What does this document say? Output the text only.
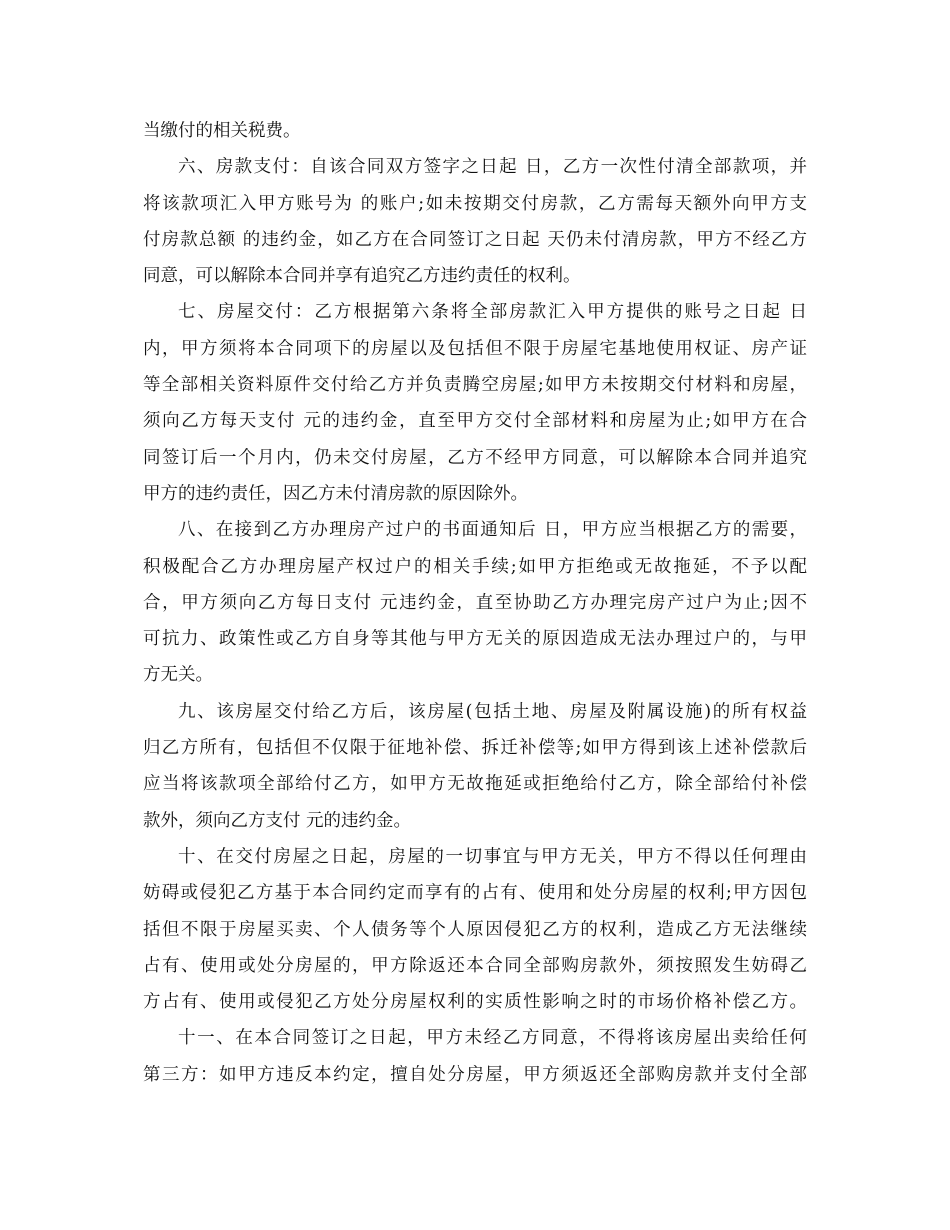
当缴付的相关税费。
六、房款支付：自该合同双方签字之日起 日，乙方一次性付清全部款项，并
将该款项汇入甲方账号为 的账户;如未按期交付房款，乙方需每天额外向甲方支
付房款总额 的违约金，如乙方在合同签订之日起 天仍未付清房款，甲方不经乙方
同意，可以解除本合同并享有追究乙方违约责任的权利。
七、房屋交付：乙方根据第六条将全部房款汇入甲方提供的账号之日起 日
内，甲方须将本合同项下的房屋以及包括但不限于房屋宅基地使用权证、房产证
等全部相关资料原件交付给乙方并负责腾空房屋;如甲方未按期交付材料和房屋，
须向乙方每天支付 元的违约金，直至甲方交付全部材料和房屋为止;如甲方在合
同签订后一个月内，仍未交付房屋，乙方不经甲方同意，可以解除本合同并追究
甲方的违约责任，因乙方未付清房款的原因除外。
八、在接到乙方办理房产过户的书面通知后 日，甲方应当根据乙方的需要，
积极配合乙方办理房屋产权过户的相关手续;如甲方拒绝或无故拖延，不予以配
合，甲方须向乙方每日支付 元违约金，直至协助乙方办理完房产过户为止;因不
可抗力、政策性或乙方自身等其他与甲方无关的原因造成无法办理过户的，与甲
方无关。
九、该房屋交付给乙方后，该房屋(包括土地、房屋及附属设施)的所有权益
归乙方所有，包括但不仅限于征地补偿、拆迁补偿等;如甲方得到该上述补偿款后
应当将该款项全部给付乙方，如甲方无故拖延或拒绝给付乙方，除全部给付补偿
款外，须向乙方支付 元的违约金。
十、在交付房屋之日起，房屋的一切事宜与甲方无关，甲方不得以任何理由
妨碍或侵犯乙方基于本合同约定而享有的占有、使用和处分房屋的权利;甲方因包
括但不限于房屋买卖、个人债务等个人原因侵犯乙方的权利，造成乙方无法继续
占有、使用或处分房屋的，甲方除返还本合同全部购房款外，须按照发生妨碍乙
方占有、使用或侵犯乙方处分房屋权利的实质性影响之时的市场价格补偿乙方。
十一、在本合同签订之日起，甲方未经乙方同意，不得将该房屋出卖给任何
第三方：如甲方违反本约定，擅自处分房屋，甲方须返还全部购房款并支付全部
